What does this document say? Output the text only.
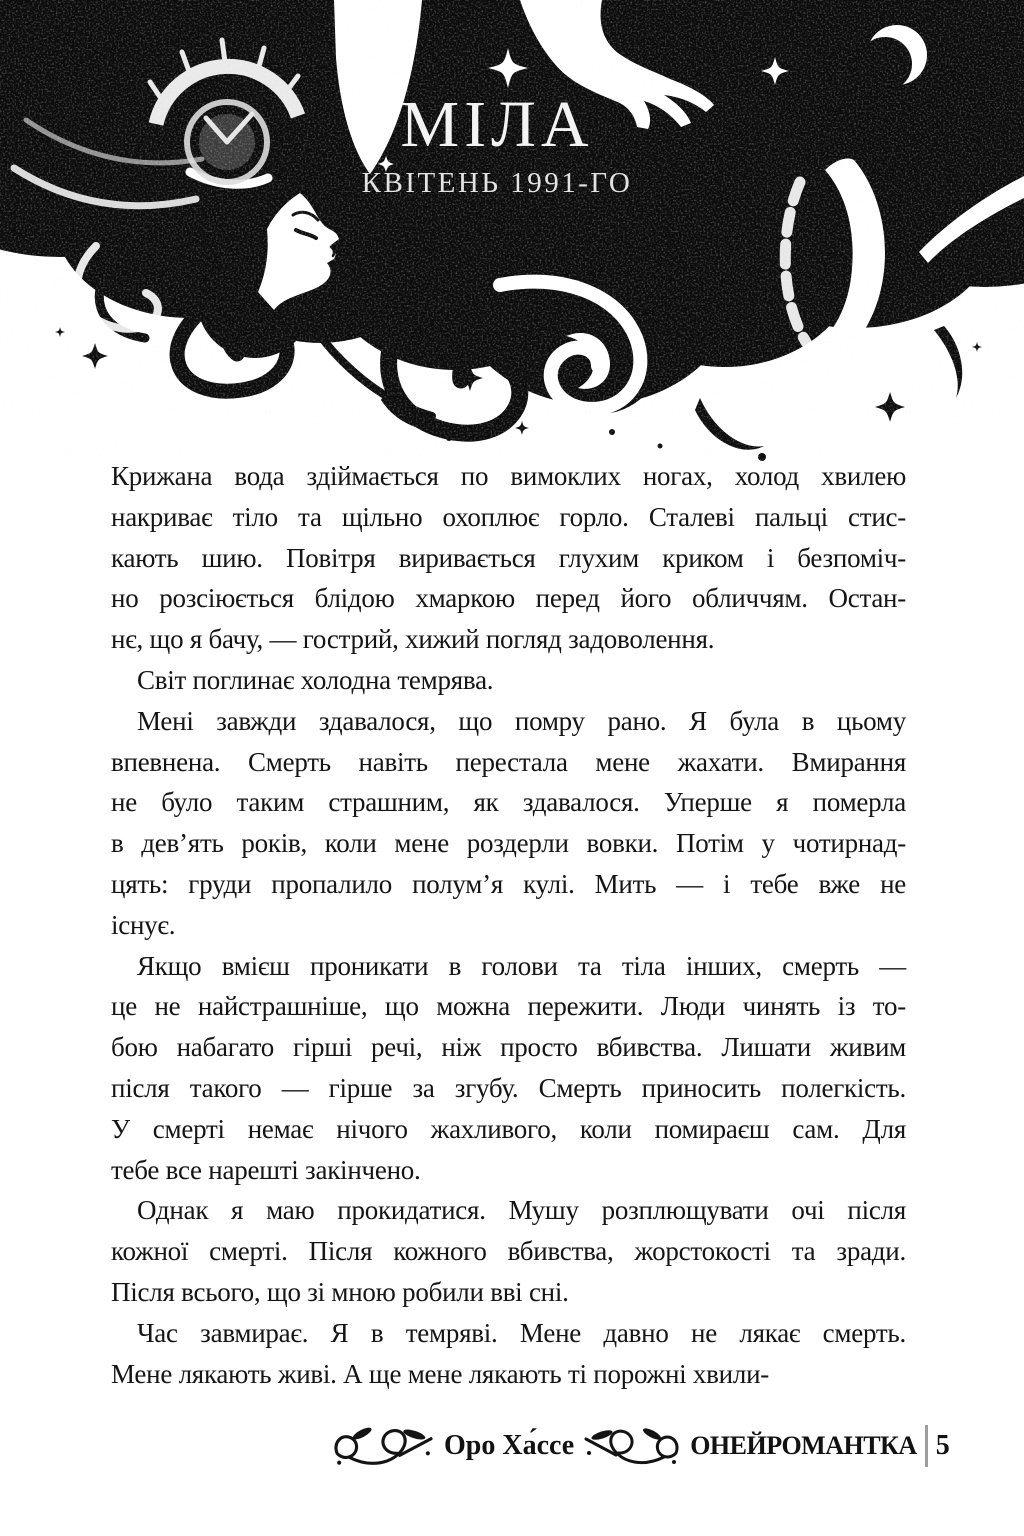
МІЛА
КВІТЕНЬ 1991-ГО
Крижана вода здіймається по вимоклих ногах, холод хвилею
накриває тіло та щільно охоплює горло. Сталеві пальці стис-
кають шию. Повітря виривається глухим криком і безпоміч-
но розсіюється блідою хмаркою перед його обличчям. Остан-
нє, що я бачу, — гострий, хижий погляд задоволення.
Світ поглинає холодна темрява.
Мені завжди здавалося, що помру рано. Я була в цьому
впевнена. Смерть навіть перестала мене жахати. Вмирання
не було таким страшним, як здавалося. Уперше я померла
в дев’ять років, коли мене роздерли вовки. Потім у чотирнад-
цять: груди пропалило полум’я кулі. Мить — і тебе вже не
існує.
Якщо вмієш проникати в голови та тіла інших, смерть —
це не найстрашніше, що можна пережити. Люди чинять із то-
бою набагато гірші речі, ніж просто вбивства. Лишати живим
після такого — гірше за згубу. Смерть приносить полегкість.
У смерті немає нічого жахливого, коли помираєш сам. Для
тебе все нарешті закінчено.
Однак я маю прокидатися. Мушу розплющувати очі після
кожної смерті. Після кожного вбивства, жорстокості та зради.
Після всього, що зі мною робили вві сні.
Час завмирає. Я в темряві. Мене давно не лякає смерть.
Мене лякають живі. А ще мене лякають ті порожні хвили-
Оро Ха́ссе	ОНЕЙРОМАНТКА 5
